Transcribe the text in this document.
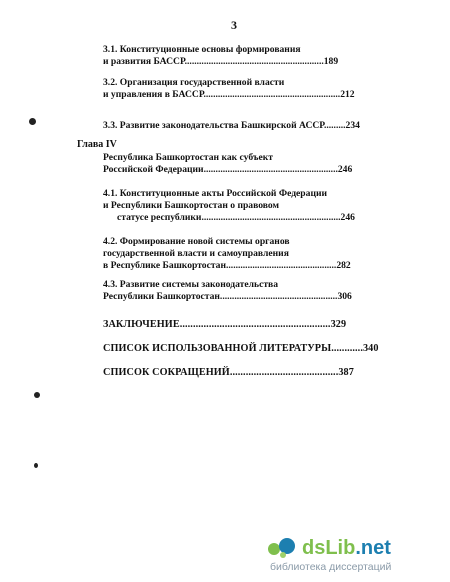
3
3.1. Конституционные основы формирования
и развития БАССР..........................................................189
3.2. Организация государственной власти
и управления в БАССР.........................................................212
3.3. Развитие законодательства Башкирской АССР.........234
Глава IV
Республика Башкортостан как субъект
Российской Федерации........................................................246
4.1. Конституционные акты Российской Федерации
и Республики Башкортостан о правовом
статусе республики..........................................................246
4.2. Формирование новой системы органов
государственной власти и самоуправления
в Республике Башкортостан..............................................282
4.3. Развитие системы законодательства
Республики Башкортостан.................................................306
ЗАКЛЮЧЕНИЕ.........................................................329
СПИСОК ИСПОЛЬЗОВАННОЙ ЛИТЕРАТУРЫ............340
СПИСОК СОКРАЩЕНИЙ.........................................387
dsLib.net
библиотека диссертаций
